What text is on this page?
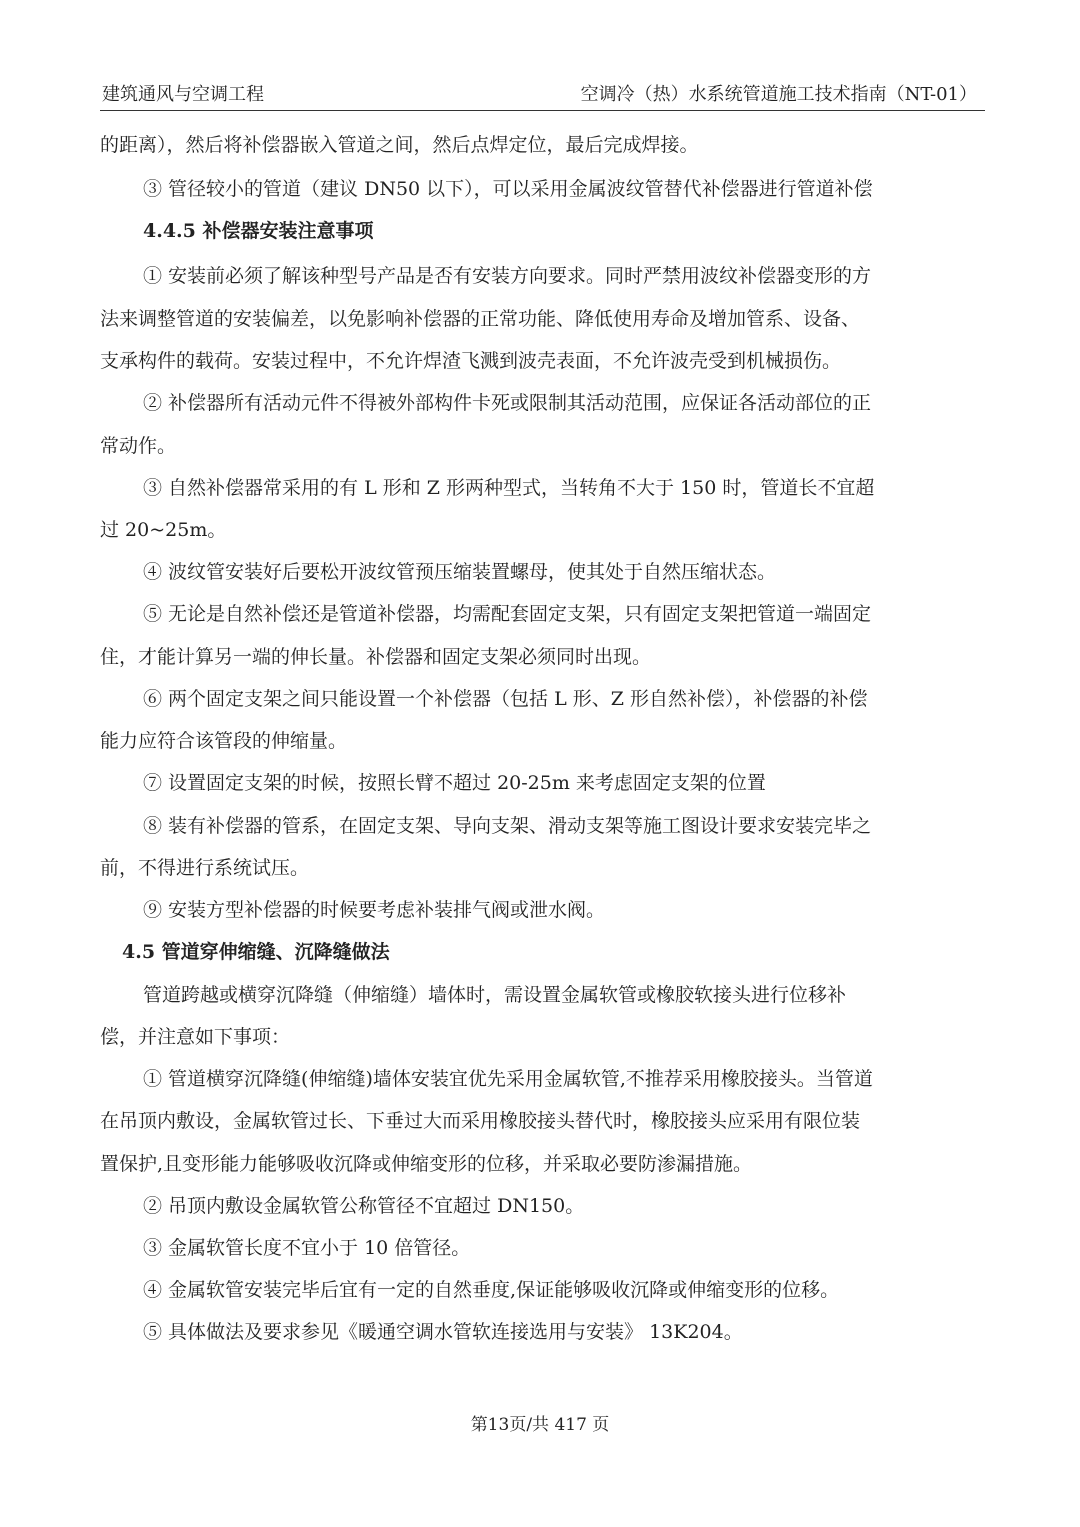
建筑通风与空调工程	空调冷（热）水系统管道施工技术指南（NT-01）
的距离），然后将补偿器嵌入管道之间，然后点焊定位，最后完成焊接。
③ 管径较小的管道（建议 DN50 以下），可以采用金属波纹管替代补偿器进行管道补偿
4.4.5 补偿器安装注意事项
① 安装前必须了解该种型号产品是否有安装方向要求。同时严禁用波纹补偿器变形的方
法来调整管道的安装偏差，以免影响补偿器的正常功能、降低使用寿命及增加管系、设备、
支承构件的载荷。安装过程中，不允许焊渣飞溅到波壳表面，不允许波壳受到机械损伤。
② 补偿器所有活动元件不得被外部构件卡死或限制其活动范围，应保证各活动部位的正
常动作。
③ 自然补偿器常采用的有 L 形和 Z 形两种型式，当转角不大于 150 时，管道长不宜超
过 20~25m。
④ 波纹管安装好后要松开波纹管预压缩装置螺母，使其处于自然压缩状态。
⑤ 无论是自然补偿还是管道补偿器，均需配套固定支架，只有固定支架把管道一端固定
住，才能计算另一端的伸长量。补偿器和固定支架必须同时出现。
⑥ 两个固定支架之间只能设置一个补偿器（包括 L 形、Z 形自然补偿），补偿器的补偿
能力应符合该管段的伸缩量。
⑦ 设置固定支架的时候，按照长臂不超过 20-25m 来考虑固定支架的位置
⑧ 装有补偿器的管系，在固定支架、导向支架、滑动支架等施工图设计要求安装完毕之
前，不得进行系统试压。
⑨ 安装方型补偿器的时候要考虑补装排气阀或泄水阀。
4.5 管道穿伸缩缝、沉降缝做法
管道跨越或横穿沉降缝（伸缩缝）墙体时，需设置金属软管或橡胶软接头进行位移补
偿，并注意如下事项：
① 管道横穿沉降缝(伸缩缝)墙体安装宜优先采用金属软管,不推荐采用橡胶接头。当管道
在吊顶内敷设，金属软管过长、下垂过大而采用橡胶接头替代时，橡胶接头应采用有限位装
置保护,且变形能力能够吸收沉降或伸缩变形的位移，并采取必要防渗漏措施。
② 吊顶内敷设金属软管公称管径不宜超过 DN150。
③ 金属软管长度不宜小于 10 倍管径。
④ 金属软管安装完毕后宜有一定的自然垂度,保证能够吸收沉降或伸缩变形的位移。
⑤ 具体做法及要求参见《暖通空调水管软连接选用与安装》 13K204。
第13页/共 417 页
